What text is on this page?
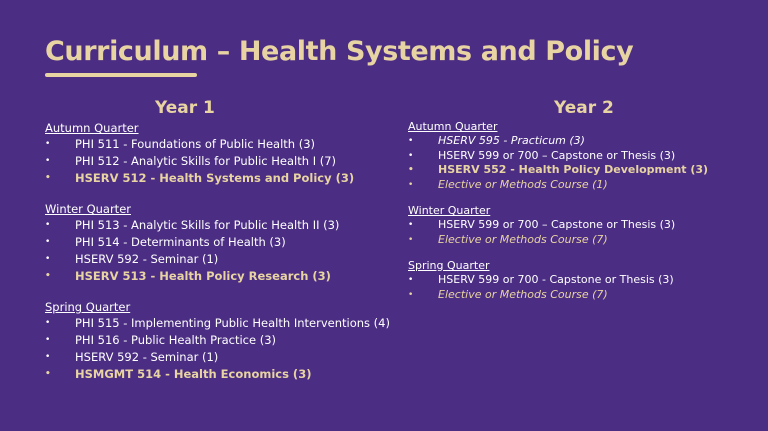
Curriculum – Health Systems and Policy
Year 1
Autumn Quarter
• PHI 511 - Foundations of Public Health (3)
• PHI 512 - Analytic Skills for Public Health I (7)
• HSERV 512 - Health Systems and Policy (3)
Winter Quarter
• PHI 513 - Analytic Skills for Public Health II (3)
• PHI 514 - Determinants of Health (3)
• HSERV 592 - Seminar (1)
• HSERV 513 - Health Policy Research (3)
Spring Quarter
• PHI 515 - Implementing Public Health Interventions (4)
• PHI 516 - Public Health Practice (3)
• HSERV 592 - Seminar (1)
• HSMGMT 514 - Health Economics (3)
Year 2
Autumn Quarter
• HSERV 595 - Practicum (3)
• HSERV 599 or 700 – Capstone or Thesis (3)
• HSERV 552 - Health Policy Development (3)
• Elective or Methods Course (1)
Winter Quarter
• HSERV 599 or 700 – Capstone or Thesis (3)
• Elective or Methods Course (7)
Spring Quarter
• HSERV 599 or 700 - Capstone or Thesis (3)
• Elective or Methods Course (7)
